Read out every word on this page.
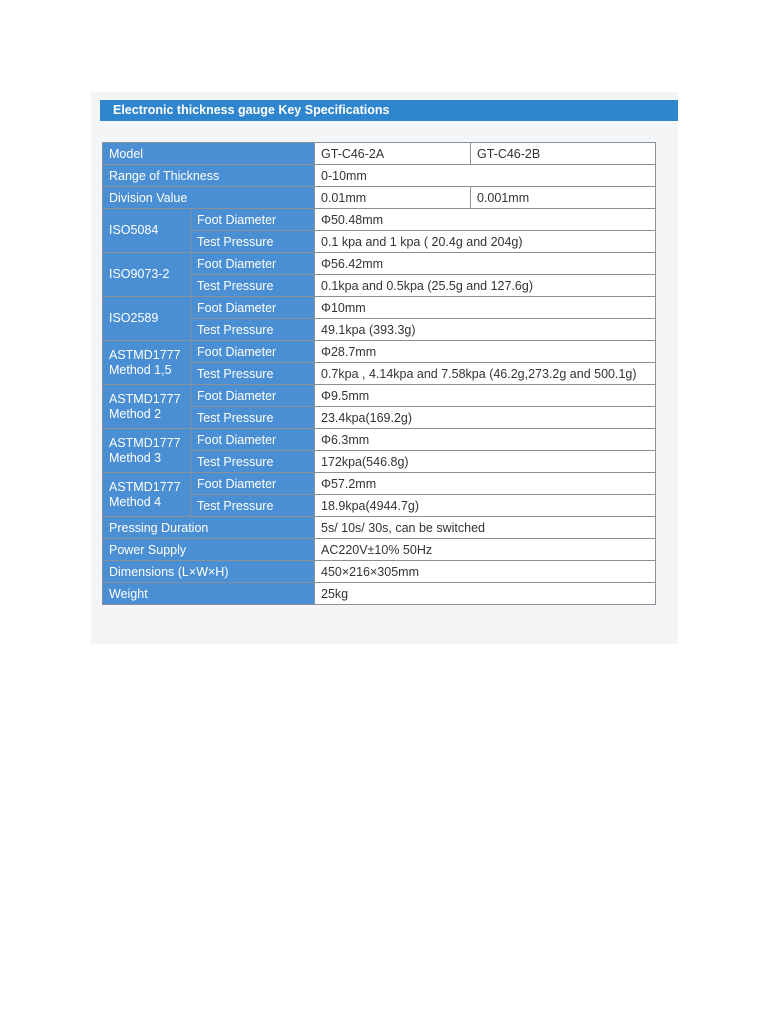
Electronic thickness gauge Key Specifications
Model		GT-C46-2A	GT-C46-2B
Range of Thickness		0-10mm	
Division Value		0.01mm	0.001mm
ISO5084	Foot Diameter	Φ50.48mm	
	Test Pressure	0.1 kpa and 1 kpa ( 20.4g and 204g)	
ISO9073-2	Foot Diameter	Φ56.42mm	
	Test Pressure	0.1kpa and 0.5kpa (25.5g and 127.6g)	
ISO2589	Foot Diameter	Φ10mm	
	Test Pressure	49.1kpa (393.3g)	
ASTMD1777
Method 1,5	Foot Diameter	Φ28.7mm	
	Test Pressure	0.7kpa , 4.14kpa and 7.58kpa (46.2g,273.2g and 500.1g)	
ASTMD1777
Method 2	Foot Diameter	Φ9.5mm	
	Test Pressure	23.4kpa(169.2g)	
ASTMD1777
Method 3	Foot Diameter	Φ6.3mm	
	Test Pressure	172kpa(546.8g)	
ASTMD1777
Method 4	Foot Diameter	Φ57.2mm	
	Test Pressure	18.9kpa(4944.7g)	
Pressing Duration		5s/ 10s/ 30s, can be switched	
Power Supply		AC220V±10% 50Hz	
Dimensions (L×W×H)		450×216×305mm	
Weight		25kg	
